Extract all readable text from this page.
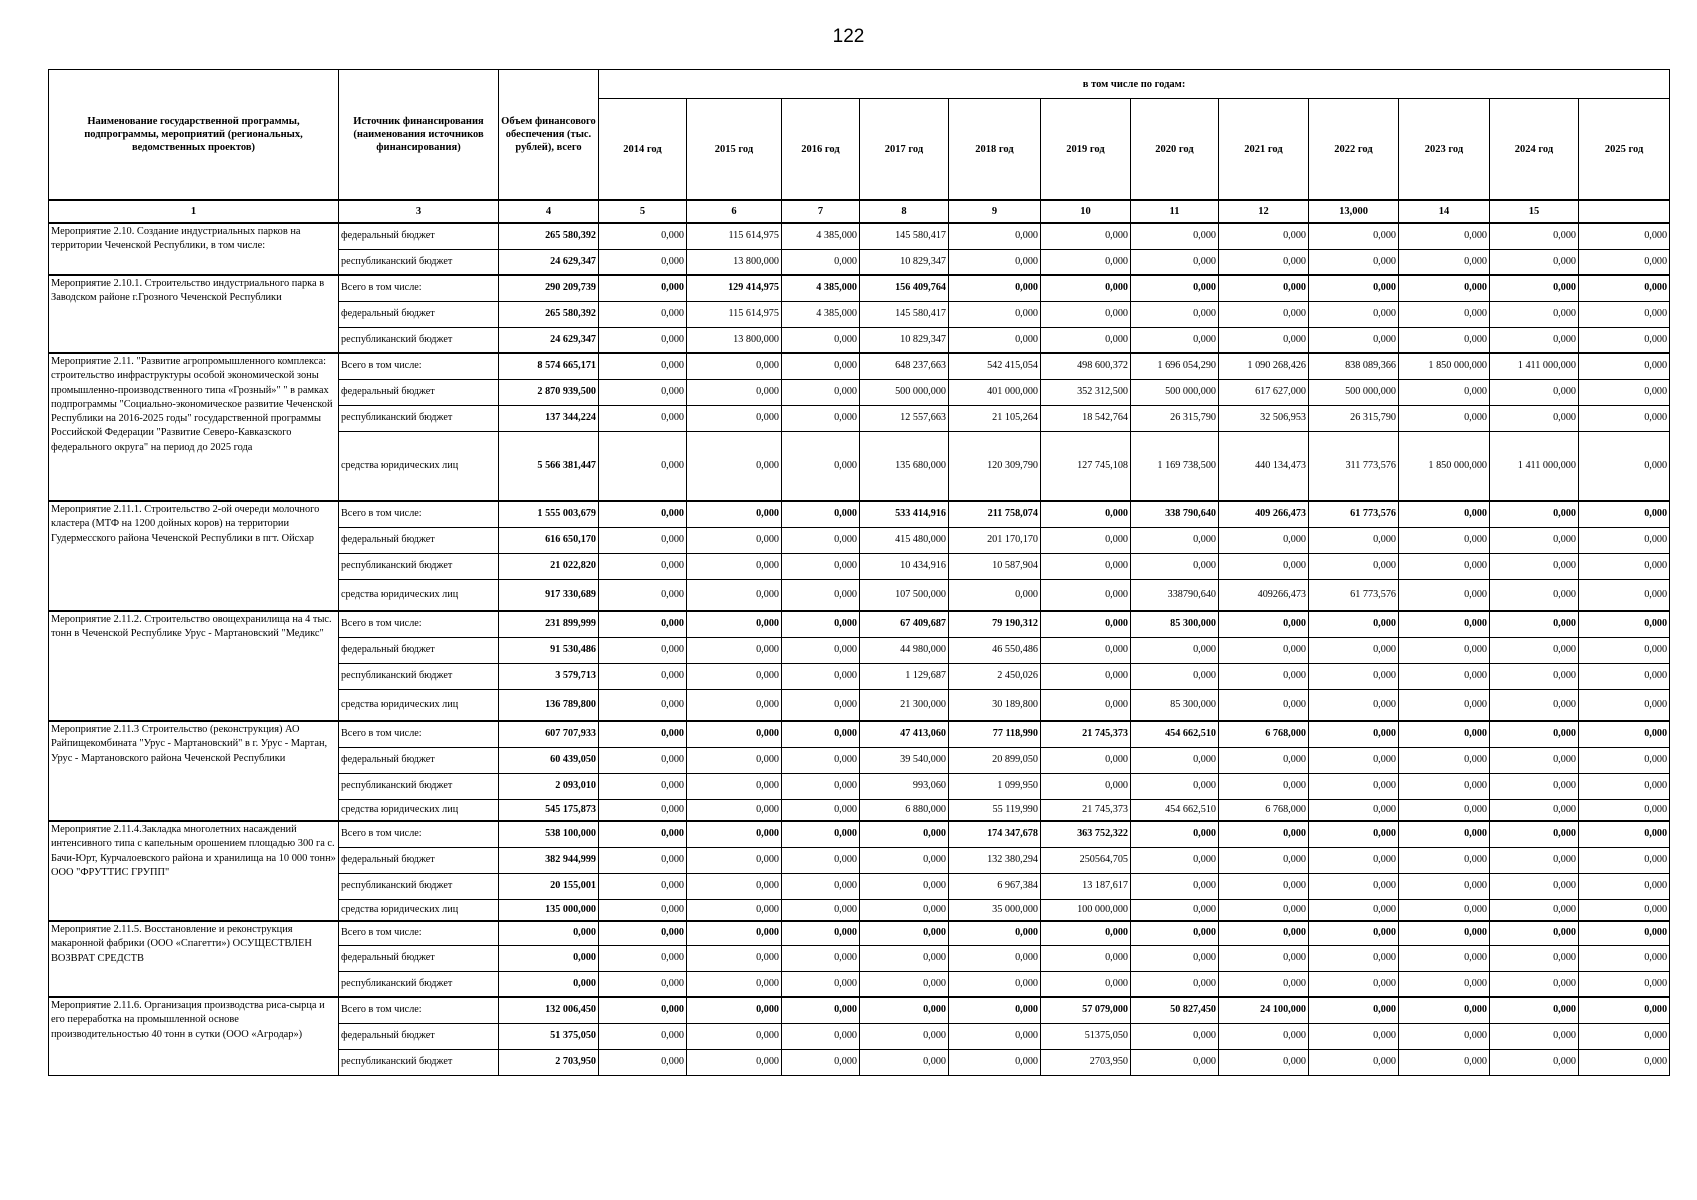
122
Наименование государственной программы, подпрограммы, мероприятий (региональных, ведомственных проектов)	Источник финансирования (наименования источников финансирования)	Объем финансового обеспечения (тыс. рублей), всего	в том числе по годам:											
			2014 год	2015 год	2016 год	2017 год	2018 год	2019 год	2020 год	2021 год	2022 год	2023 год	2024 год	2025 год
1	3	4	5	6	7	8	9	10	11	12	13,000	14	15	
Мероприятие 2.10. Создание индустриальных парков на территории Чеченской Республики, в том числе:	федеральный бюджет	265 580,392	0,000	115 614,975	4 385,000	145 580,417	0,000	0,000	0,000	0,000	0,000	0,000	0,000	0,000
	республиканский бюджет	24 629,347	0,000	13 800,000	0,000	10 829,347	0,000	0,000	0,000	0,000	0,000	0,000	0,000	0,000
Мероприятие 2.10.1. Строительство индустриального парка в Заводском районе г.Грозного Чеченской Республики	Всего в том числе:	290 209,739	0,000	129 414,975	4 385,000	156 409,764	0,000	0,000	0,000	0,000	0,000	0,000	0,000	0,000
	федеральный бюджет	265 580,392	0,000	115 614,975	4 385,000	145 580,417	0,000	0,000	0,000	0,000	0,000	0,000	0,000	0,000
	республиканский бюджет	24 629,347	0,000	13 800,000	0,000	10 829,347	0,000	0,000	0,000	0,000	0,000	0,000	0,000	0,000
Мероприятие 2.11. "Развитие агропромышленного комплекса: строительство инфраструктуры особой экономической зоны промышленно-производственного типа «Грозный»" " в рамках подпрограммы "Социально-экономическое развитие Чеченской Республики на 2016-2025 годы" государственной программы Российской Федерации "Развитие Северо-Кавказского федерального округа" на период до 2025 года	Всего в том числе:	8 574 665,171	0,000	0,000	0,000	648 237,663	542 415,054	498 600,372	1 696 054,290	1 090 268,426	838 089,366	1 850 000,000	1 411 000,000	0,000
	федеральный бюджет	2 870 939,500	0,000	0,000	0,000	500 000,000	401 000,000	352 312,500	500 000,000	617 627,000	500 000,000	0,000	0,000	0,000
	республиканский бюджет	137 344,224	0,000	0,000	0,000	12 557,663	21 105,264	18 542,764	26 315,790	32 506,953	26 315,790	0,000	0,000	0,000
	средства юридических лиц	5 566 381,447	0,000	0,000	0,000	135 680,000	120 309,790	127 745,108	1 169 738,500	440 134,473	311 773,576	1 850 000,000	1 411 000,000	0,000
Мероприятие 2.11.1. Строительство 2-ой очереди молочного кластера (МТФ на 1200 дойных коров) на территории Гудермесского района Чеченской Республики в пгт. Ойсхар	Всего в том числе:	1 555 003,679	0,000	0,000	0,000	533 414,916	211 758,074	0,000	338 790,640	409 266,473	61 773,576	0,000	0,000	0,000
	федеральный бюджет	616 650,170	0,000	0,000	0,000	415 480,000	201 170,170	0,000	0,000	0,000	0,000	0,000	0,000	0,000
	республиканский бюджет	21 022,820	0,000	0,000	0,000	10 434,916	10 587,904	0,000	0,000	0,000	0,000	0,000	0,000	0,000
	средства юридических лиц	917 330,689	0,000	0,000	0,000	107 500,000	0,000	0,000	338790,640	409266,473	61 773,576	0,000	0,000	0,000
Мероприятие 2.11.2. Строительство овощехранилища на 4 тыс. тонн в Чеченской Республике Урус - Мартановский "Медикс"	Всего в том числе:	231 899,999	0,000	0,000	0,000	67 409,687	79 190,312	0,000	85 300,000	0,000	0,000	0,000	0,000	0,000
	федеральный бюджет	91 530,486	0,000	0,000	0,000	44 980,000	46 550,486	0,000	0,000	0,000	0,000	0,000	0,000	0,000
	республиканский бюджет	3 579,713	0,000	0,000	0,000	1 129,687	2 450,026	0,000	0,000	0,000	0,000	0,000	0,000	0,000
	средства юридических лиц	136 789,800	0,000	0,000	0,000	21 300,000	30 189,800	0,000	85 300,000	0,000	0,000	0,000	0,000	0,000
Мероприятие 2.11.3 Строительство (реконструкция) АО Райпищекомбината "Урус - Мартановский" в г. Урус - Мартан, Урус - Мартановского района Чеченской Республики	Всего в том числе:	607 707,933	0,000	0,000	0,000	47 413,060	77 118,990	21 745,373	454 662,510	6 768,000	0,000	0,000	0,000	0,000
	федеральный бюджет	60 439,050	0,000	0,000	0,000	39 540,000	20 899,050	0,000	0,000	0,000	0,000	0,000	0,000	0,000
	республиканский бюджет	2 093,010	0,000	0,000	0,000	993,060	1 099,950	0,000	0,000	0,000	0,000	0,000	0,000	0,000
	средства юридических лиц	545 175,873	0,000	0,000	0,000	6 880,000	55 119,990	21 745,373	454 662,510	6 768,000	0,000	0,000	0,000	0,000
Мероприятие 2.11.4.Закладка многолетних насаждений интенсивного типа с капельным орошением площадью 300 га с. Бачи-Юрт, Курчалоевского района и хранилища на 10 000 тонн» ООО "ФРУТТИС ГРУПП"	Всего в том числе:	538 100,000	0,000	0,000	0,000	0,000	174 347,678	363 752,322	0,000	0,000	0,000	0,000	0,000	0,000
	федеральный бюджет	382 944,999	0,000	0,000	0,000	0,000	132 380,294	250564,705	0,000	0,000	0,000	0,000	0,000	0,000
	республиканский бюджет	20 155,001	0,000	0,000	0,000	0,000	6 967,384	13 187,617	0,000	0,000	0,000	0,000	0,000	0,000
	средства юридических лиц	135 000,000	0,000	0,000	0,000	0,000	35 000,000	100 000,000	0,000	0,000	0,000	0,000	0,000	0,000
Мероприятие 2.11.5. Восстановление и реконструкция макаронной фабрики (ООО «Спагетти») ОСУЩЕСТВЛЕН ВОЗВРАТ СРЕДСТВ	Всего в том числе:	0,000	0,000	0,000	0,000	0,000	0,000	0,000	0,000	0,000	0,000	0,000	0,000	0,000
	федеральный бюджет	0,000	0,000	0,000	0,000	0,000	0,000	0,000	0,000	0,000	0,000	0,000	0,000	0,000
	республиканский бюджет	0,000	0,000	0,000	0,000	0,000	0,000	0,000	0,000	0,000	0,000	0,000	0,000	0,000
Мероприятие 2.11.6. Организация производства риса-сырца и его переработка на промышленной основе производительностью 40 тонн в сутки (ООО «Агродар»)	Всего в том числе:	132 006,450	0,000	0,000	0,000	0,000	0,000	57 079,000	50 827,450	24 100,000	0,000	0,000	0,000	0,000
	федеральный бюджет	51 375,050	0,000	0,000	0,000	0,000	0,000	51375,050	0,000	0,000	0,000	0,000	0,000	0,000
	республиканский бюджет	2 703,950	0,000	0,000	0,000	0,000	0,000	2703,950	0,000	0,000	0,000	0,000	0,000	0,000
